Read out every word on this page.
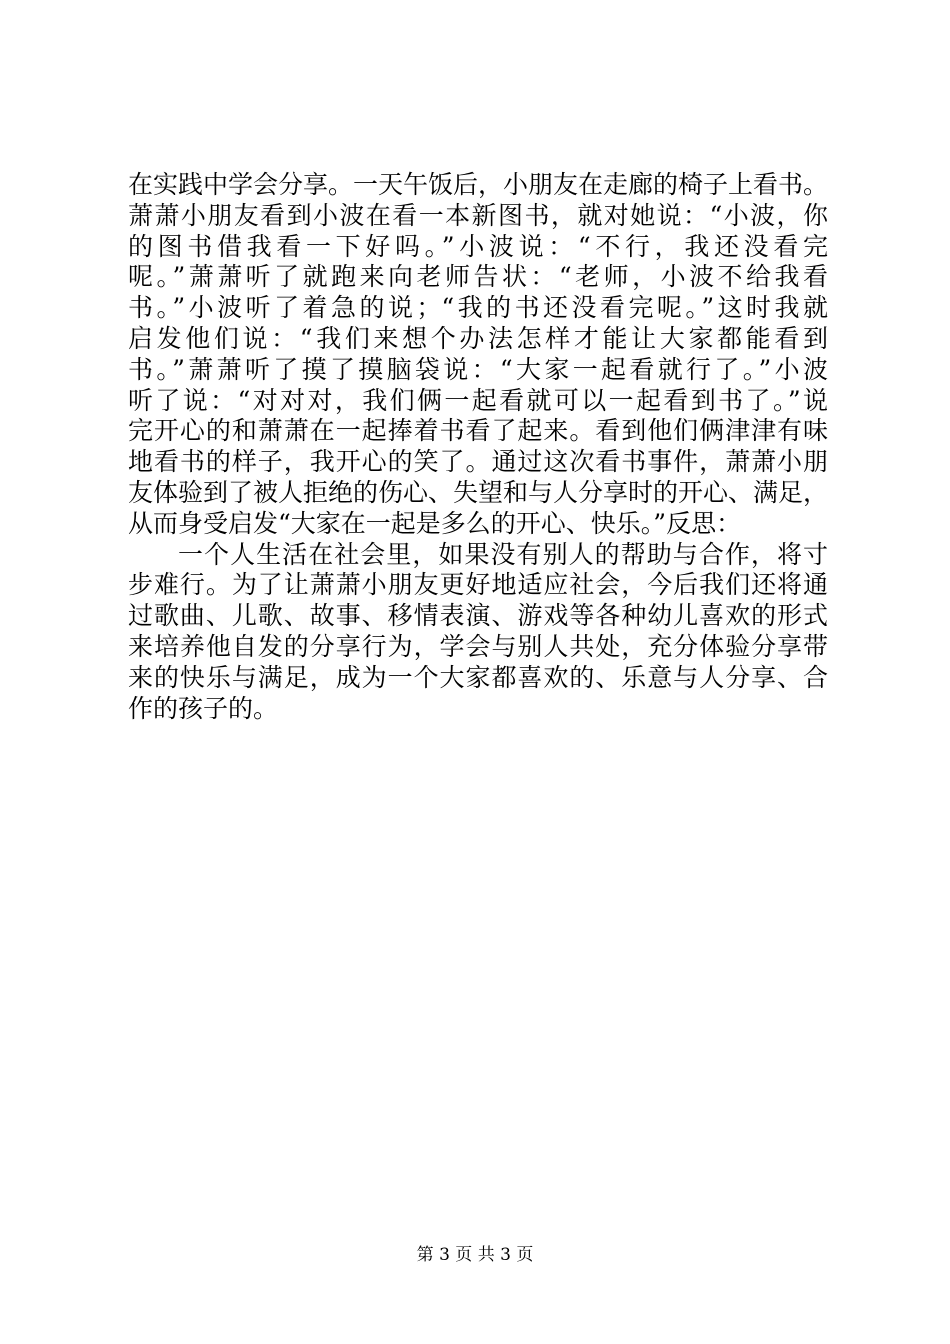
在实践中学会分享。一天午饭后，小朋友在走廊的椅子上看书。
萧萧小朋友看到小波在看一本新图书，就对她说：“小波，你
的图书借我看一下好吗。”小波说：“不行，我还没看完
呢。”萧萧听了就跑来向老师告状：“老师，小波不给我看
书。”小波听了着急的说；“我的书还没看完呢。”这时我就
启发他们说：“我们来想个办法怎样才能让大家都能看到
书。”萧萧听了摸了摸脑袋说：“大家一起看就行了。”小波
听了说：“对对对，我们俩一起看就可以一起看到书了。”说
完开心的和萧萧在一起捧着书看了起来。看到他们俩津津有味
地看书的样子，我开心的笑了。通过这次看书事件，萧萧小朋
友体验到了被人拒绝的伤心、失望和与人分享时的开心、满足，
从而身受启发“大家在一起是多么的开心、快乐。”反思：
一个人生活在社会里，如果没有别人的帮助与合作，将寸
步难行。为了让萧萧小朋友更好地适应社会，今后我们还将通
过歌曲、儿歌、故事、移情表演、游戏等各种幼儿喜欢的形式
来培养他自发的分享行为，学会与别人共处，充分体验分享带
来的快乐与满足，成为一个大家都喜欢的、乐意与人分享、合
作的孩子的。
第 3 页 共 3 页
